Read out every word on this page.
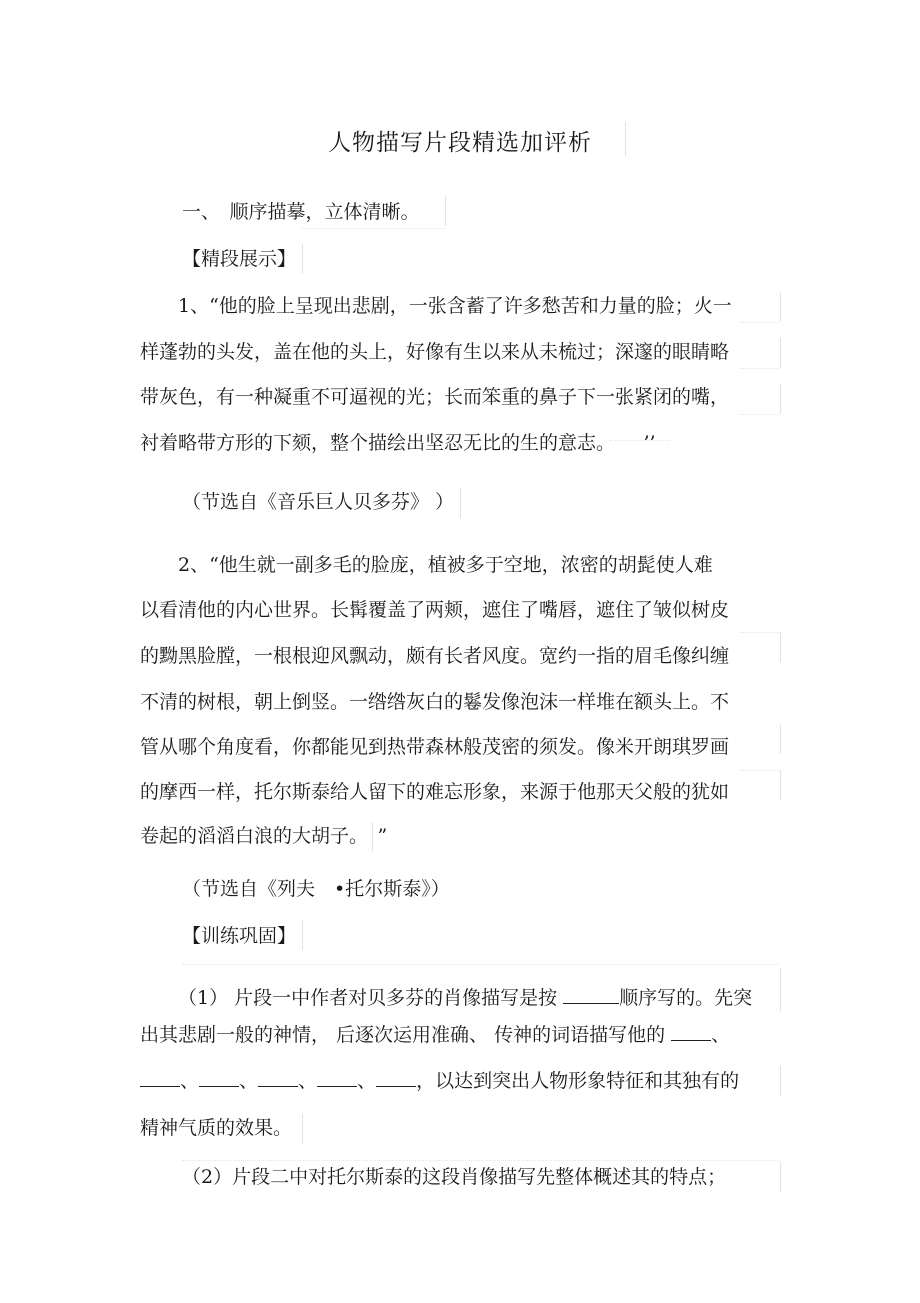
人物描写片段精选加评析
一、　顺序描摹，立体清晰。
【精段展示】
1、“他的脸上呈现出悲剧，一张含蓄了许多愁苦和力量的脸；火一
样蓬勃的头发，盖在他的头上，好像有生以来从未梳过；深邃的眼睛略
带灰色，有一种凝重不可逼视的光；长而笨重的鼻子下一张紧闭的嘴，
衬着略带方形的下颏，整个描绘出坚忍无比的生的意志。　　’’
（节选自《音乐巨人贝多芬》 ）
2、“他生就一副多毛的脸庞，植被多于空地，浓密的胡髭使人难
以看清他的内心世界。长髯覆盖了两颊，遮住了嘴唇，遮住了皱似树皮
的黝黑脸膛，一根根迎风飘动，颇有长者风度。宽约一指的眉毛像纠缠
不清的树根，朝上倒竖。一绺绺灰白的鬈发像泡沫一样堆在额头上。不
管从哪个角度看，你都能见到热带森林般茂密的须发。像米开朗琪罗画
的摩西一样，托尔斯泰给人留下的难忘形象，来源于他那天父般的犹如
卷起的滔滔白浪的大胡子。　”
（节选自《列夫　•托尔斯泰》）
【训练巩固】
（1） 片段一中作者对贝多芬的肖像描写是按	顺序写的。先突
出其悲剧一般的神情， 后逐次运用准确、 传神的词语描写他的 、
、 、 、 、 ，以达到突出人物形象特征和其独有的
精神气质的效果。
（2）片段二中对托尔斯泰的这段肖像描写先整体概述其的特点；
